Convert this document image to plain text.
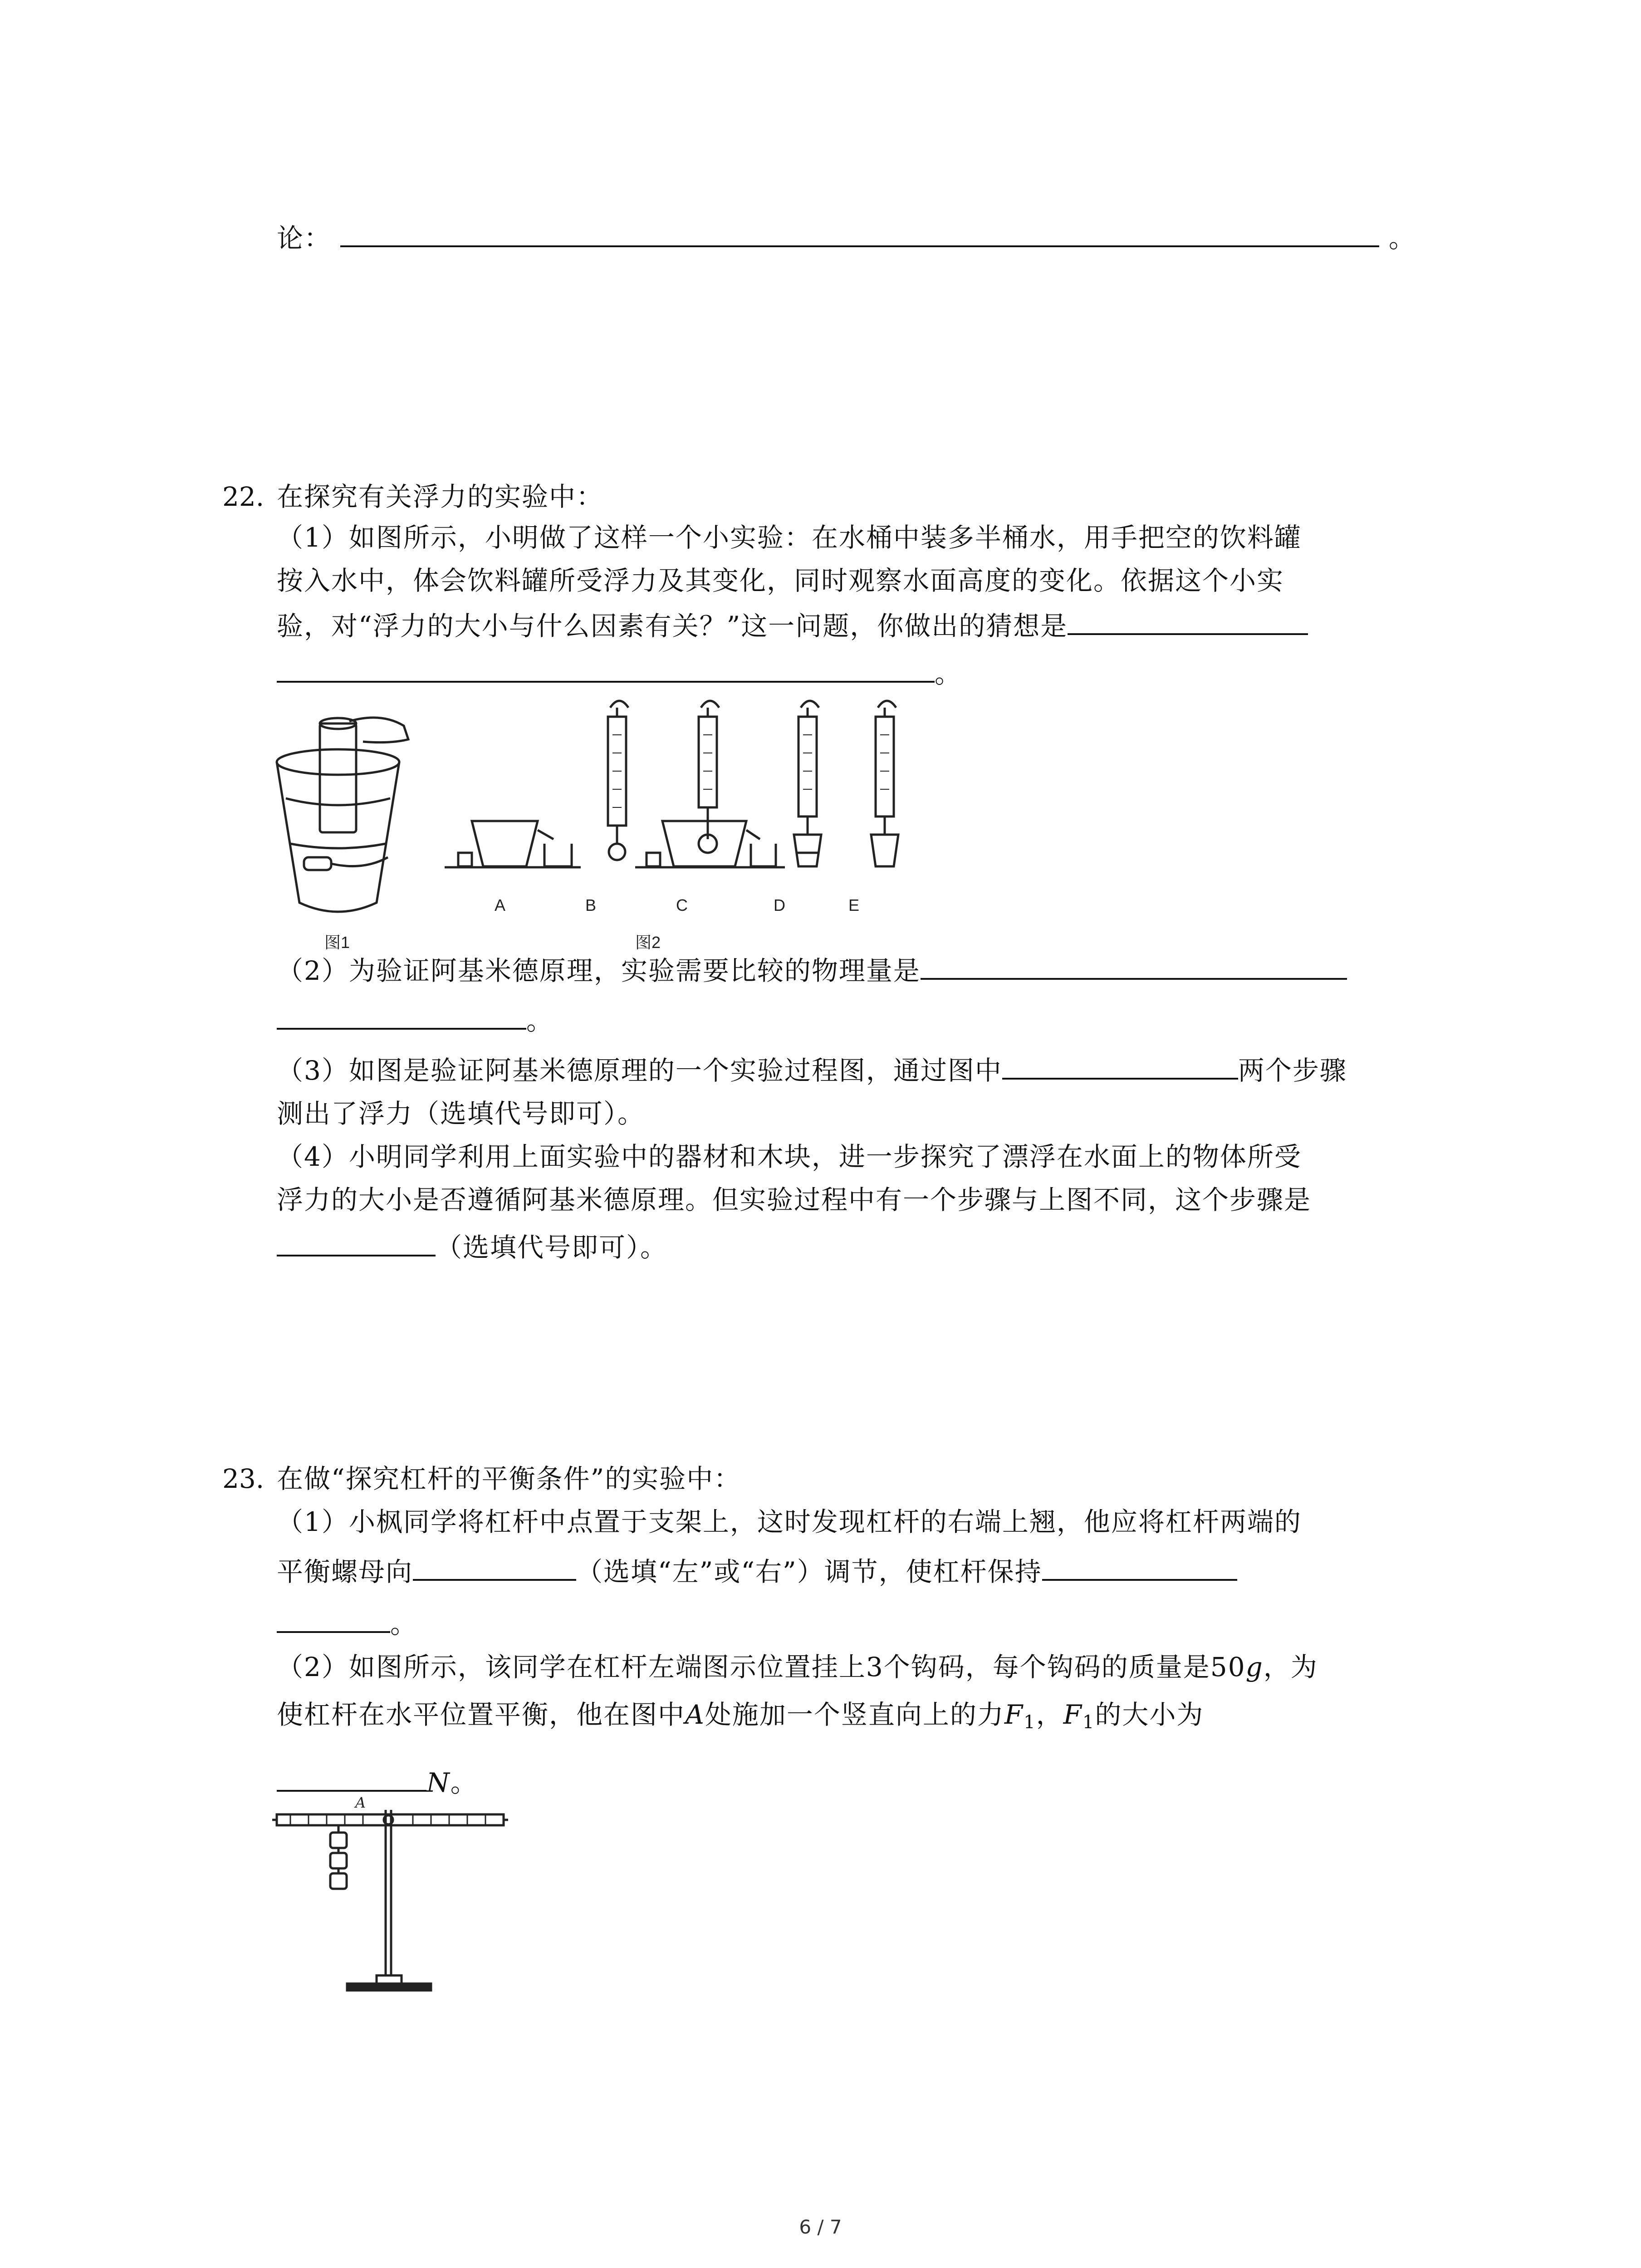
论：	。
22. 在探究有关浮力的实验中：
（1）如图所示，小明做了这样一个小实验：在水桶中装多半桶水，用手把空的饮料罐
按入水中，体会饮料罐所受浮力及其变化，同时观察水面高度的变化。依据这个小实
验，对“浮力的大小与什么因素有关？”这一问题，你做出的猜想是
。
A	B	C	D	E
图1	图2
（2）为验证阿基米德原理，实验需要比较的物理量是
。
（3）如图是验证阿基米德原理的一个实验过程图，通过图中	两个步骤
测出了浮力（选填代号即可）。
（4）小明同学利用上面实验中的器材和木块，进一步探究了漂浮在水面上的物体所受
浮力的大小是否遵循阿基米德原理。但实验过程中有一个步骤与上图不同，这个步骤是
（选填代号即可）。
23. 在做“探究杠杆的平衡条件”的实验中：
（1）小枫同学将杠杆中点置于支架上，这时发现杠杆的右端上翘，他应将杠杆两端的
平衡螺母向	（选填“左”或“右”）调节，使杠杆保持
。
（2）如图所示，该同学在杠杆左端图示位置挂上3个钩码，每个钩码的质量是50g，为
使杠杆在水平位置平衡，他在图中A处施加一个竖直向上的力$F_1$，$F_1$的大小为
N。
A
6 / 7
